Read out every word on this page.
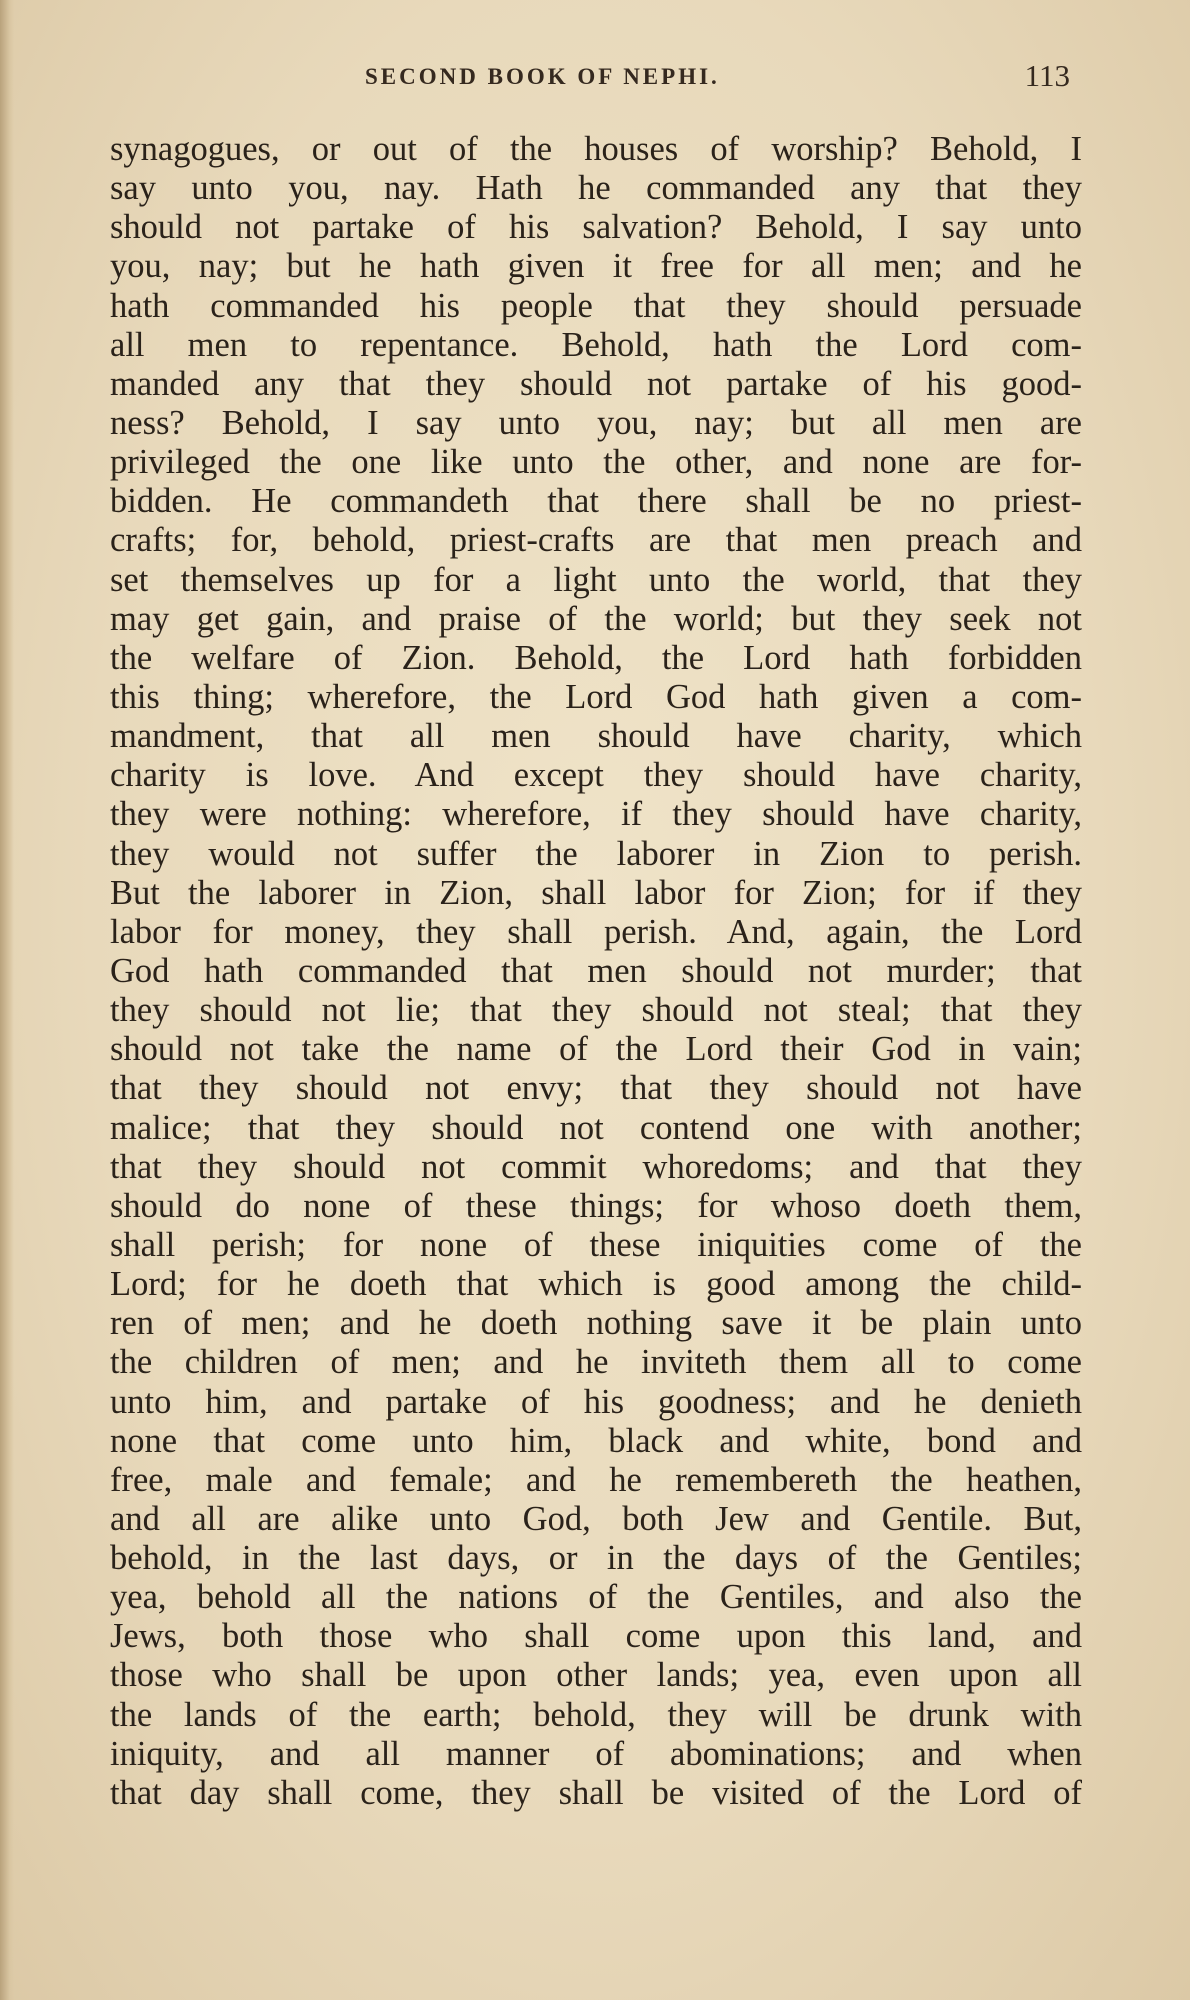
SECOND BOOK OF NEPHI.	113
synagogues, or out of the houses of worship? Behold, I
say unto you, nay. Hath he commanded any that they
should not partake of his salvation? Behold, I say unto
you, nay; but he hath given it free for all men; and he
hath commanded his people that they should persuade
all men to repentance. Behold, hath the Lord com-
manded any that they should not partake of his good-
ness? Behold, I say unto you, nay; but all men are
privileged the one like unto the other, and none are for-
bidden. He commandeth that there shall be no priest-
crafts; for, behold, priest-crafts are that men preach and
set themselves up for a light unto the world, that they
may get gain, and praise of the world; but they seek not
the welfare of Zion. Behold, the Lord hath forbidden
this thing; wherefore, the Lord God hath given a com-
mandment, that all men should have charity, which
charity is love. And except they should have charity,
they were nothing: wherefore, if they should have charity,
they would not suffer the laborer in Zion to perish.
But the laborer in Zion, shall labor for Zion; for if they
labor for money, they shall perish. And, again, the Lord
God hath commanded that men should not murder; that
they should not lie; that they should not steal; that they
should not take the name of the Lord their God in vain;
that they should not envy; that they should not have
malice; that they should not contend one with another;
that they should not commit whoredoms; and that they
should do none of these things; for whoso doeth them,
shall perish; for none of these iniquities come of the
Lord; for he doeth that which is good among the child-
ren of men; and he doeth nothing save it be plain unto
the children of men; and he inviteth them all to come
unto him, and partake of his goodness; and he denieth
none that come unto him, black and white, bond and
free, male and female; and he remembereth the heathen,
and all are alike unto God, both Jew and Gentile. But,
behold, in the last days, or in the days of the Gentiles;
yea, behold all the nations of the Gentiles, and also the
Jews, both those who shall come upon this land, and
those who shall be upon other lands; yea, even upon all
the lands of the earth; behold, they will be drunk with
iniquity, and all manner of abominations; and when
that day shall come, they shall be visited of the Lord of
